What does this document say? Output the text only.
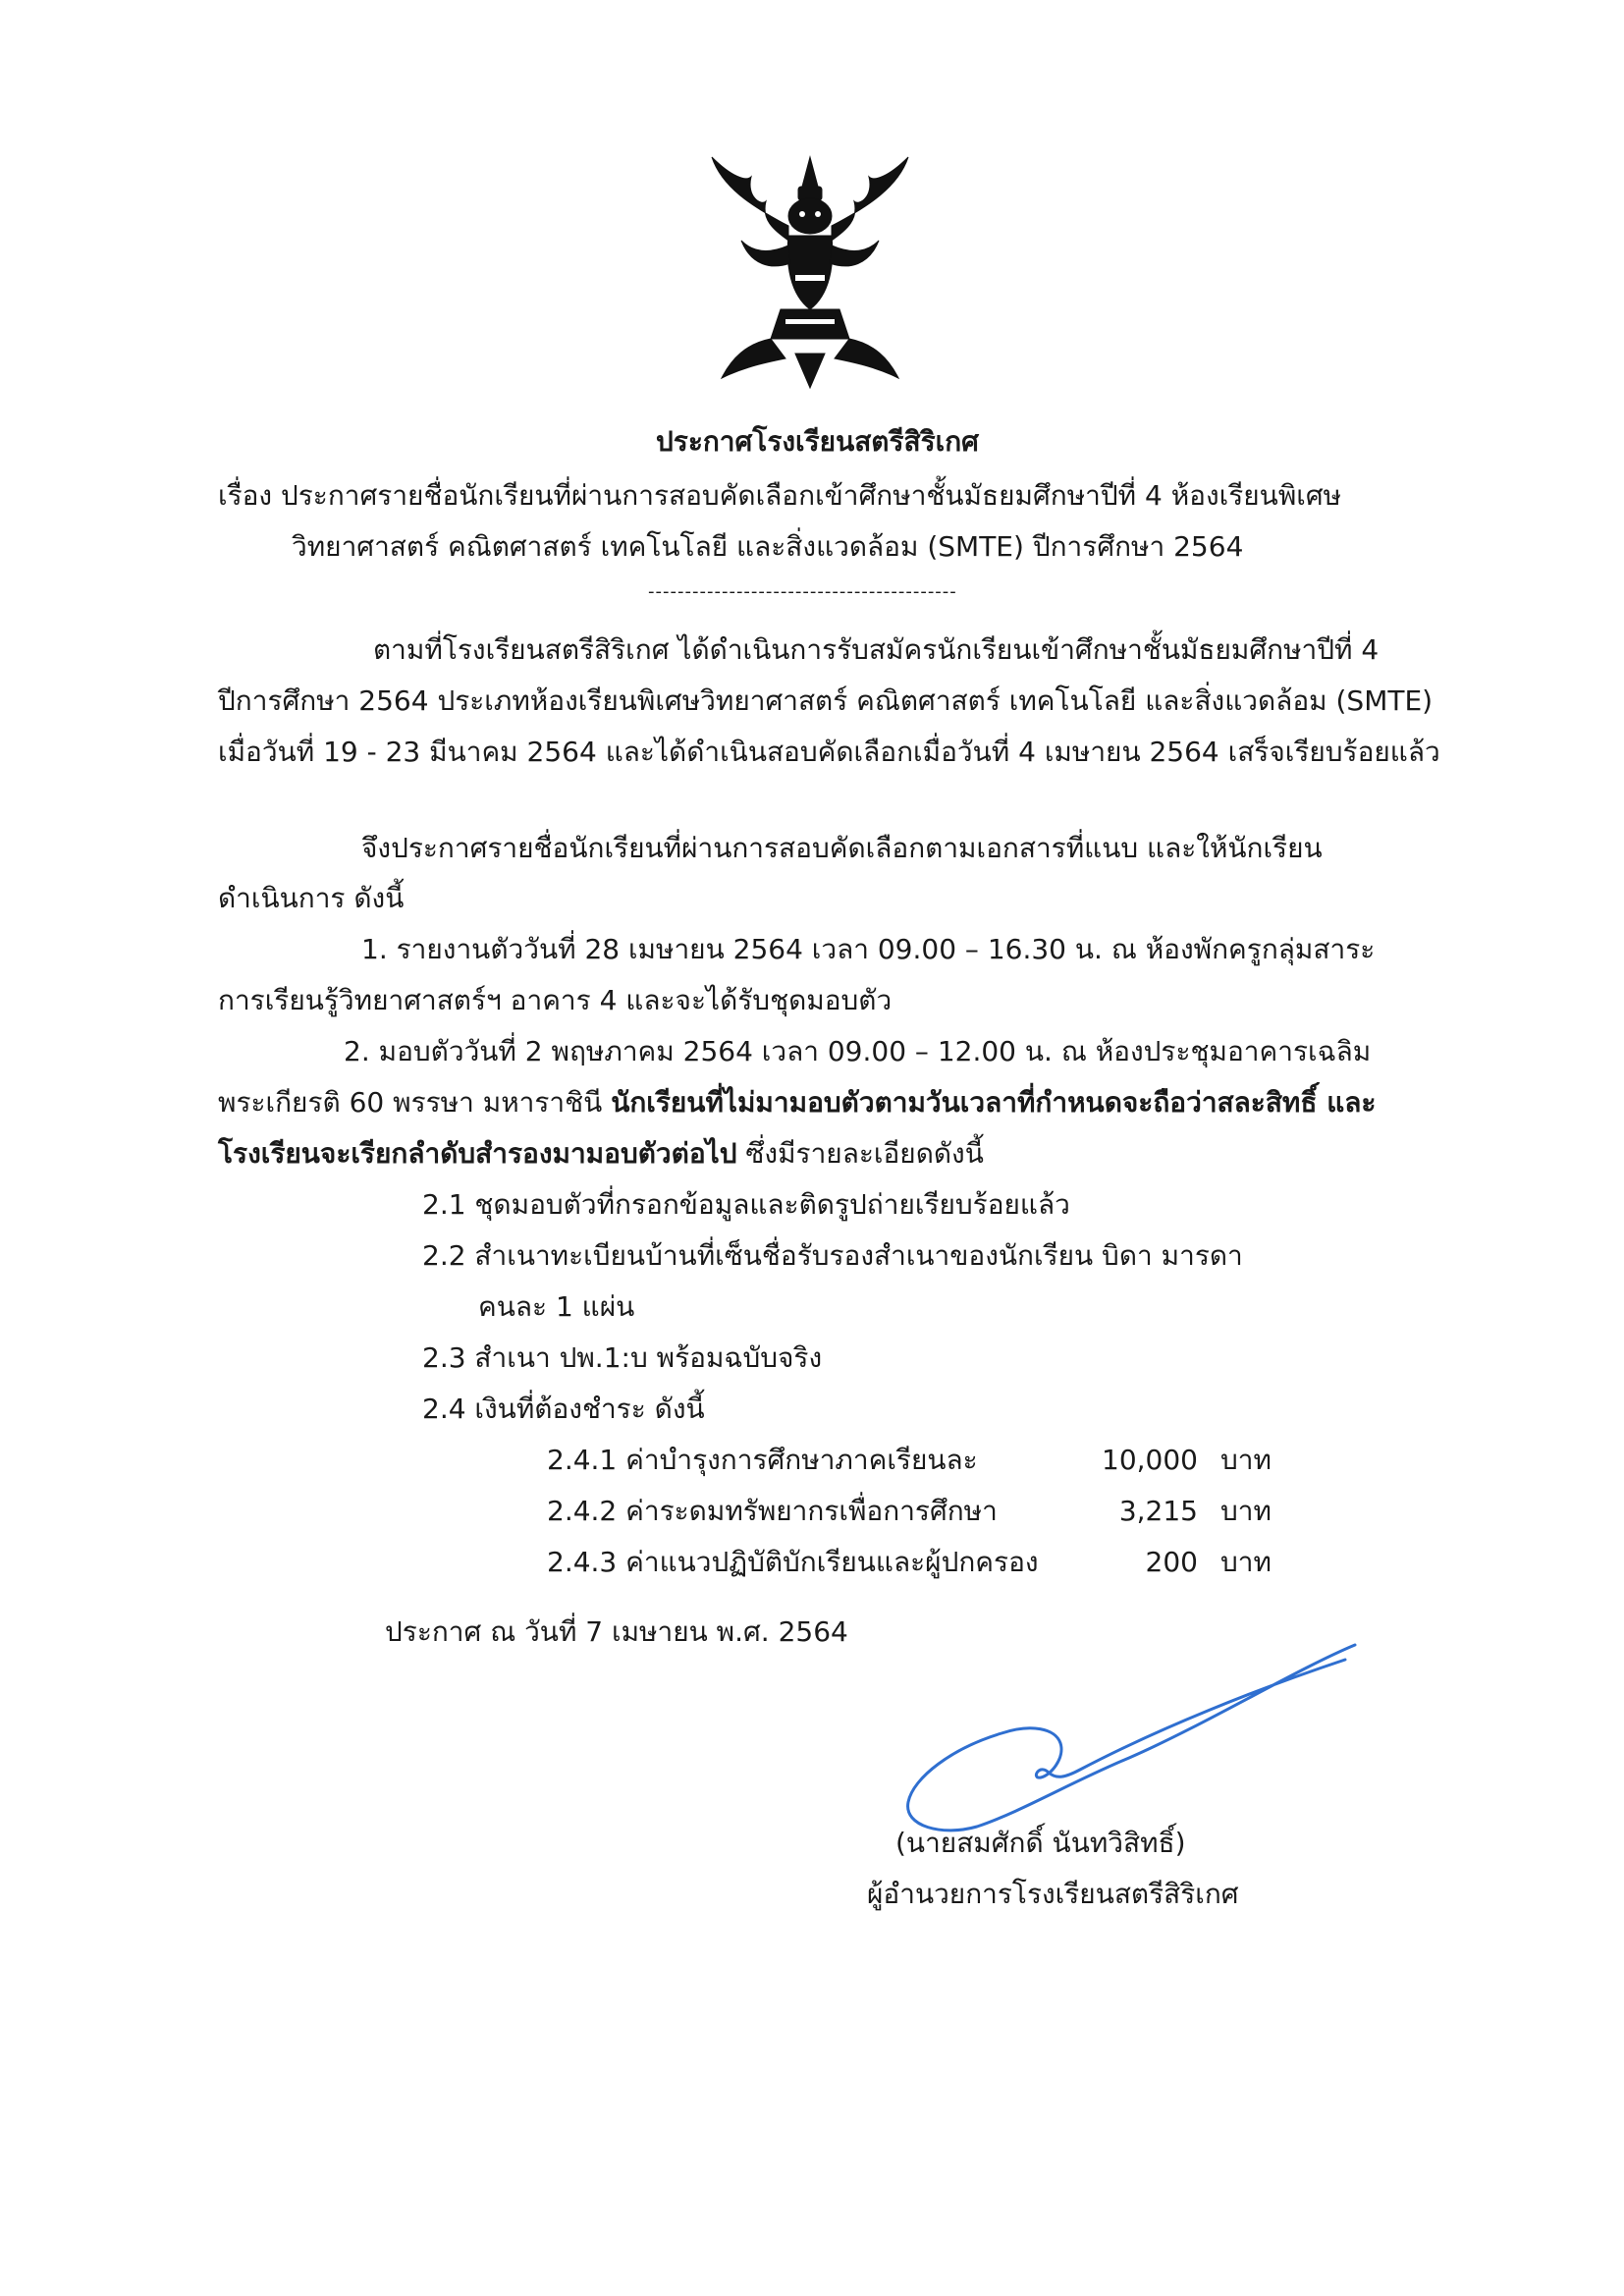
ประกาศโรงเรียนสตรีสิริเกศ
เรื่อง ประกาศรายชื่อนักเรียนที่ผ่านการสอบคัดเลือกเข้าศึกษาชั้นมัธยมศึกษาปีที่ 4 ห้องเรียนพิเศษ
วิทยาศาสตร์ คณิตศาสตร์ เทคโนโลยี และสิ่งแวดล้อม (SMTE) ปีการศึกษา 2564
------------------------------------------
ตามที่โรงเรียนสตรีสิริเกศ ได้ดำเนินการรับสมัครนักเรียนเข้าศึกษาชั้นมัธยมศึกษาปีที่ 4
ปีการศึกษา 2564 ประเภทห้องเรียนพิเศษวิทยาศาสตร์ คณิตศาสตร์ เทคโนโลยี และสิ่งแวดล้อม (SMTE)
เมื่อวันที่ 19 - 23 มีนาคม 2564 และได้ดำเนินสอบคัดเลือกเมื่อวันที่ 4 เมษายน 2564 เสร็จเรียบร้อยแล้ว
จึงประกาศรายชื่อนักเรียนที่ผ่านการสอบคัดเลือกตามเอกสารที่แนบ และให้นักเรียน
ดำเนินการ ดังนี้
1. รายงานตัววันที่ 28 เมษายน 2564 เวลา 09.00 – 16.30 น. ณ ห้องพักครูกลุ่มสาระ
การเรียนรู้วิทยาศาสตร์ฯ อาคาร 4 และจะได้รับชุดมอบตัว
2. มอบตัววันที่ 2 พฤษภาคม 2564 เวลา 09.00 – 12.00 น. ณ ห้องประชุมอาคารเฉลิม
พระเกียรติ 60 พรรษา มหาราชินี นักเรียนที่ไม่มามอบตัวตามวันเวลาที่กำหนดจะถือว่าสละสิทธิ์ และ
โรงเรียนจะเรียกลำดับสำรองมามอบตัวต่อไป ซึ่งมีรายละเอียดดังนี้
2.1 ชุดมอบตัวที่กรอกข้อมูลและติดรูปถ่ายเรียบร้อยแล้ว
2.2 สำเนาทะเบียนบ้านที่เซ็นชื่อรับรองสำเนาของนักเรียน บิดา มารดา
คนละ 1 แผ่น
2.3 สำเนา ปพ.1:บ พร้อมฉบับจริง
2.4 เงินที่ต้องชำระ ดังนี้
2.4.1 ค่าบำรุงการศึกษาภาคเรียนละ	10,000 บาท
2.4.2 ค่าระดมทรัพยากรเพื่อการศึกษา	3,215 บาท
2.4.3 ค่าแนวปฏิบัติบักเรียนและผู้ปกครอง	200 บาท
ประกาศ ณ วันที่ 7 เมษายน พ.ศ. 2564
(นายสมศักดิ์ นันทวิสิทธิ์)
ผู้อำนวยการโรงเรียนสตรีสิริเกศ
